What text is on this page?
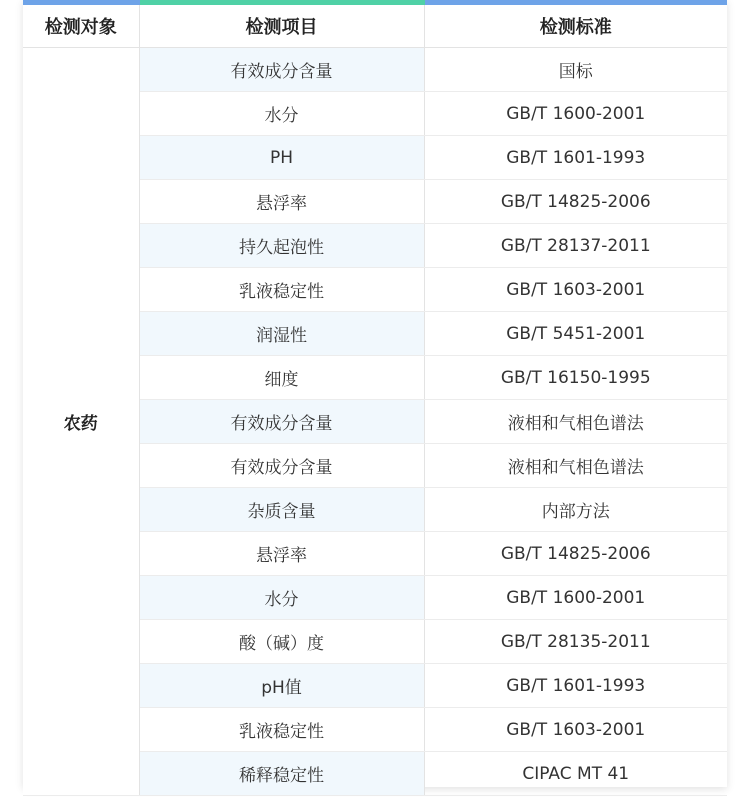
检测对象	检测项目	检测标准
农药	有效成分含量	国标
	水分	GB/T 1600-2001
	PH	GB/T 1601-1993
	悬浮率	GB/T 14825-2006
	持久起泡性	GB/T 28137-2011
	乳液稳定性	GB/T 1603-2001
	润湿性	GB/T 5451-2001
	细度	GB/T 16150-1995
	有效成分含量	液相和气相色谱法
	有效成分含量	液相和气相色谱法
	杂质含量	内部方法
	悬浮率	GB/T 14825-2006
	水分	GB/T 1600-2001
	酸（碱）度	GB/T 28135-2011
	pH值	GB/T 1601-1993
	乳液稳定性	GB/T 1603-2001
	稀释稳定性	CIPAC MT 41
